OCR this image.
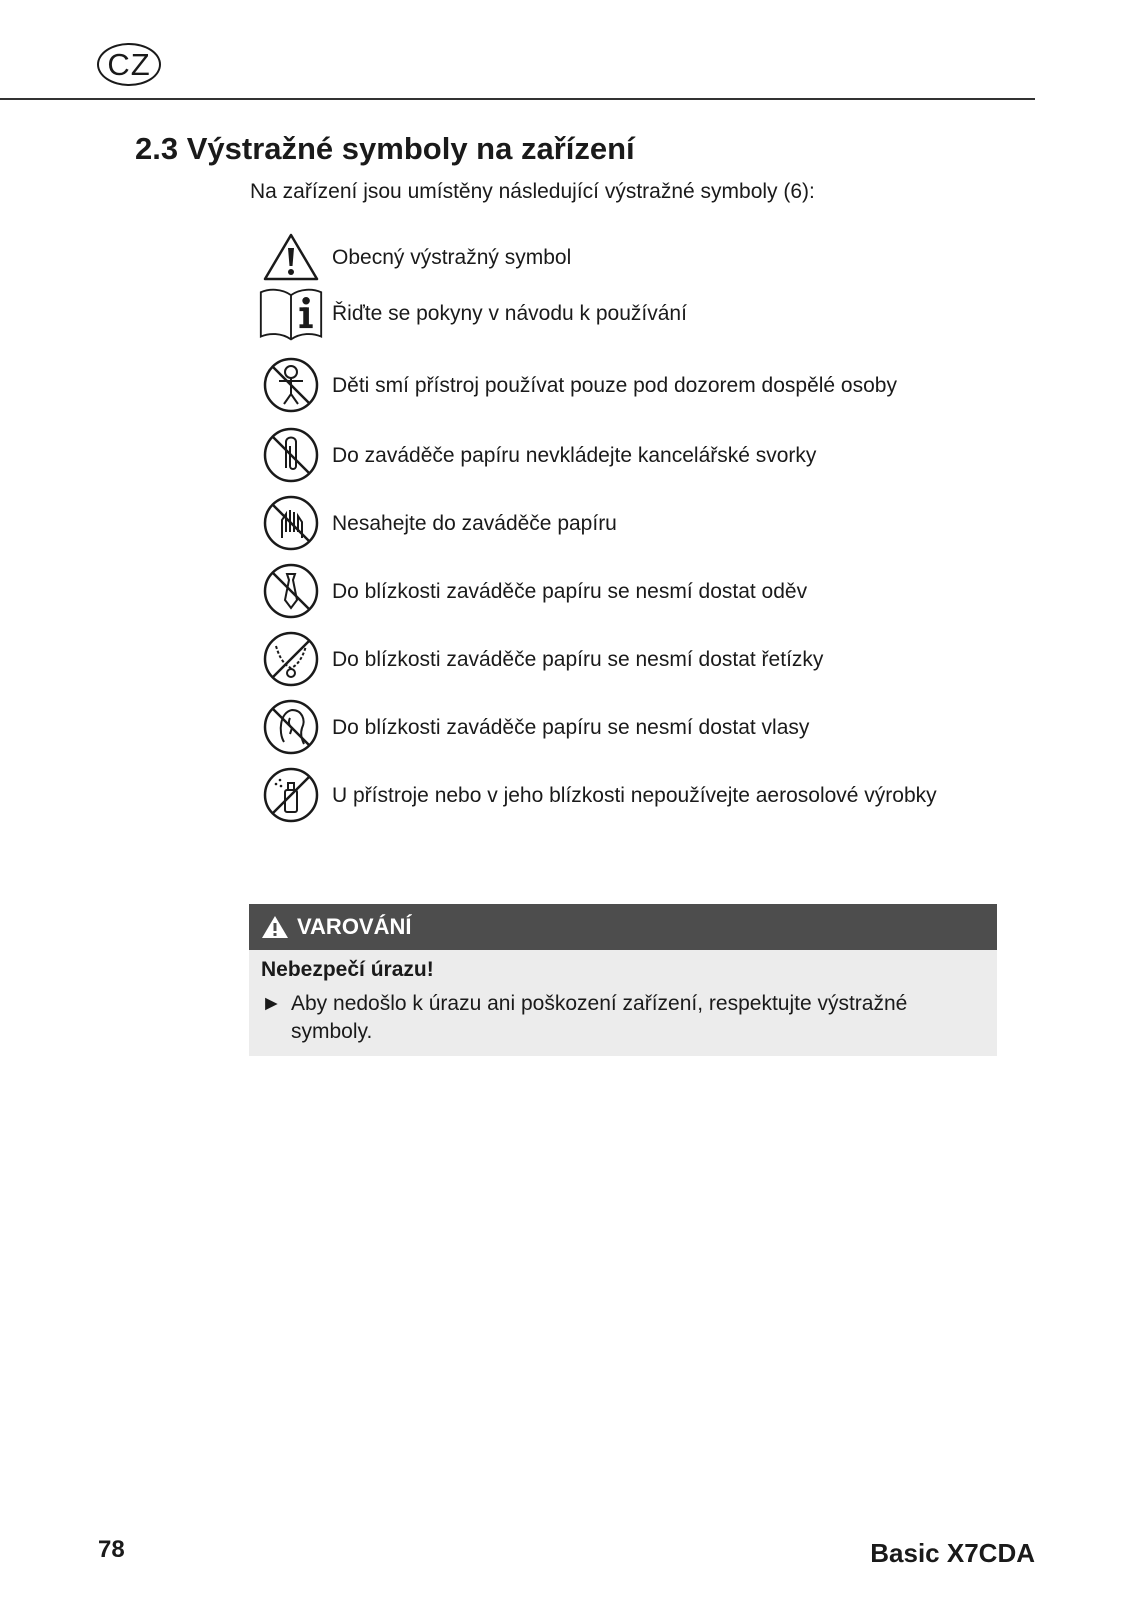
CZ
2.3 Výstražné symboly na zařízení
Na zařízení jsou umístěny následující výstražné symboly (6):
Obecný výstražný symbol
Řiďte se pokyny v návodu k používání
Děti smí přístroj používat pouze pod dozorem dospělé osoby
Do zaváděče papíru nevkládejte kancelářské svorky
Nesahejte do zaváděče papíru
Do blízkosti zaváděče papíru se nesmí dostat oděv
Do blízkosti zaváděče papíru se nesmí dostat řetízky
Do blízkosti zaváděče papíru se nesmí dostat vlasy
U přístroje nebo v jeho blízkosti nepoužívejte aerosolové výrobky
VAROVÁNÍ
Nebezpečí úrazu!
► Aby nedošlo k úrazu ani poškození zařízení, respektujte výstražné symboly.
78	Basic X7CDA
